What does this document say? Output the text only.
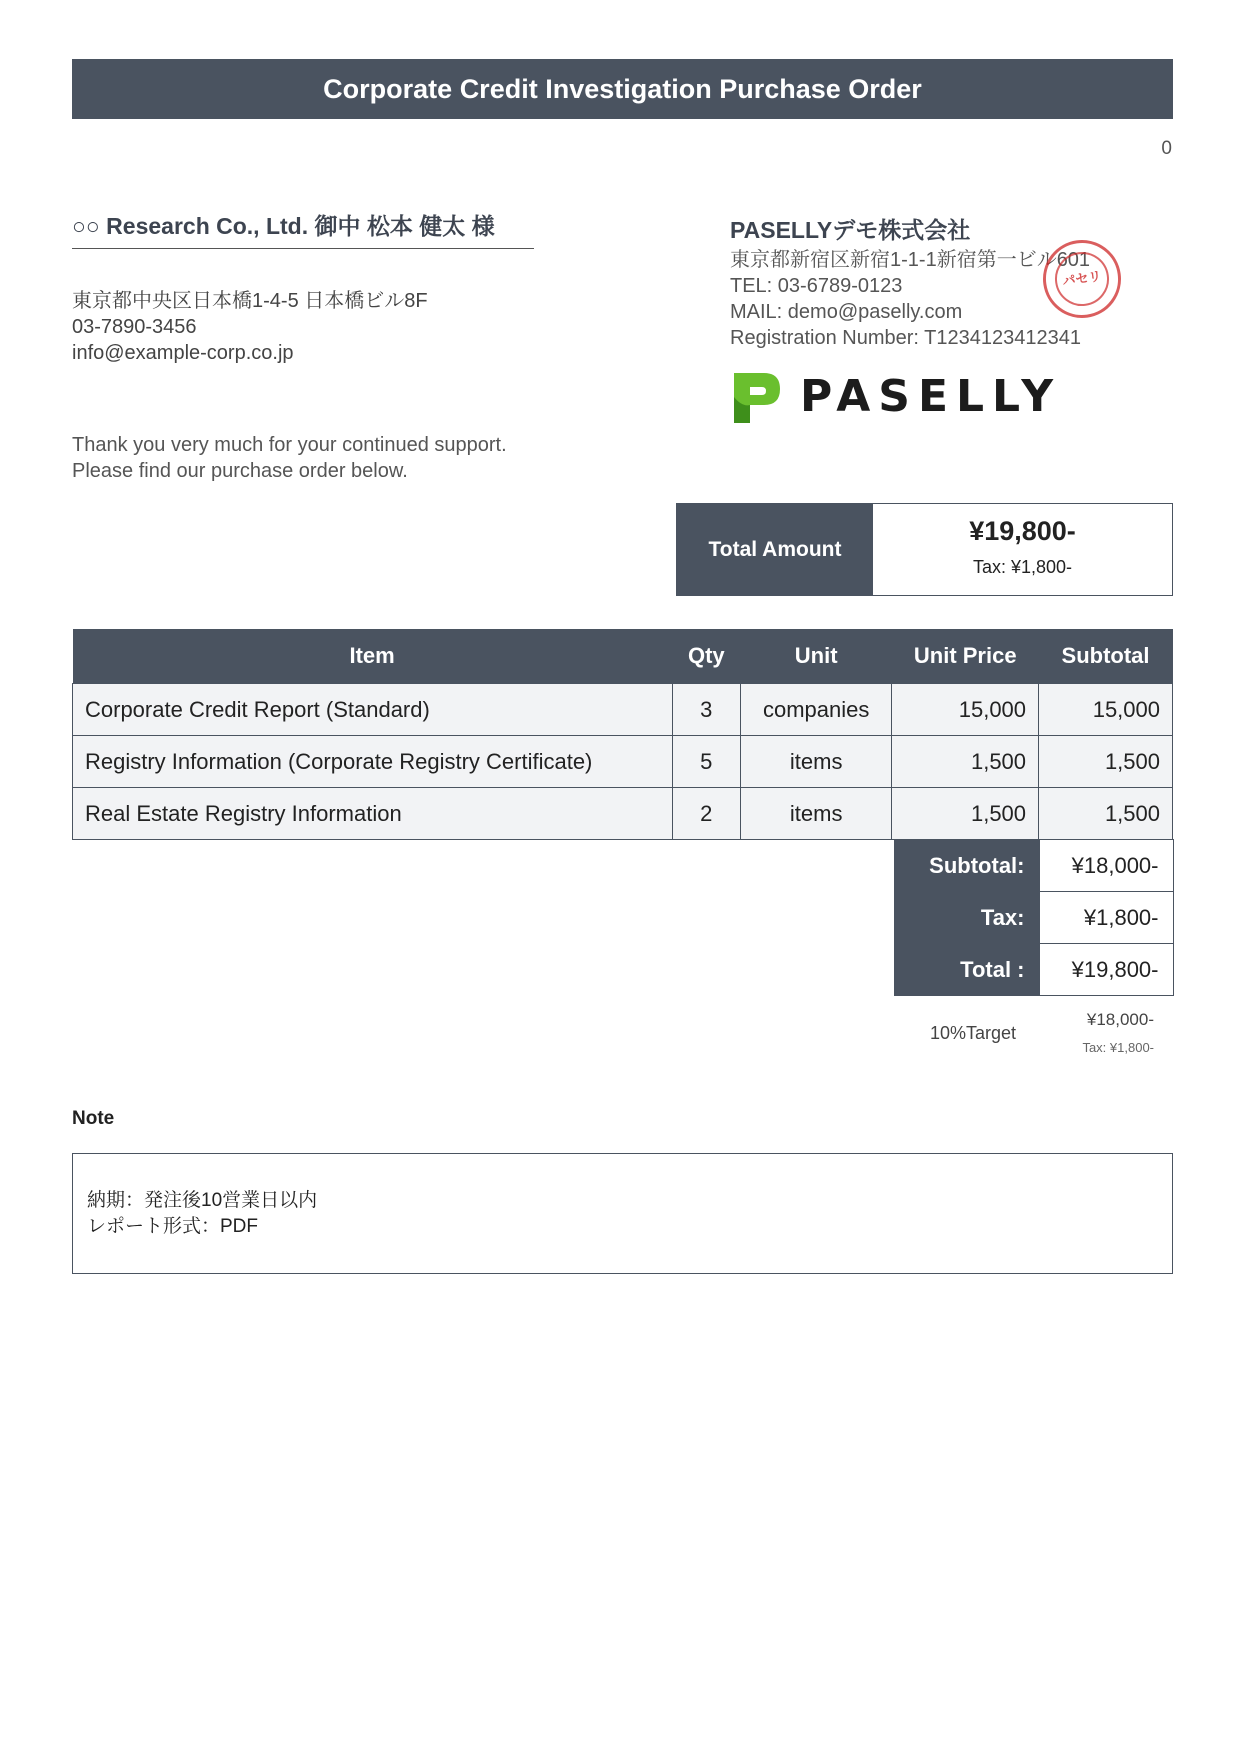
Corporate Credit Investigation Purchase Order
0
○○ Research Co., Ltd. 御中 松本 健太 様
東京都中央区日本橋1-4-5 日本橋ビル8F
03-7890-3456
info@example-corp.co.jp
Thank you very much for your continued support.
Please find our purchase order below.
PASELLYデモ株式会社
東京都新宿区新宿1-1-1新宿第一ビル601
TEL: 03-6789-0123
MAIL: demo@paselly.com
Registration Number: T1234123412341
パセリ
PASELLY
Total Amount
¥19,800-
Tax: ¥1,800-
Item	Qty	Unit	Unit Price	Subtotal
Corporate Credit Report (Standard)	3	companies	15,000	15,000
Registry Information (Corporate Registry Certificate)	5	items	1,500	1,500
Real Estate Registry Information	2	items	1,500	1,500
Subtotal:	¥18,000-
Tax:	¥1,800-
Total :	¥19,800-
10%Target
¥18,000-
Tax: ¥1,800-
Note
納期：発注後10営業日以内
レポート形式：PDF
